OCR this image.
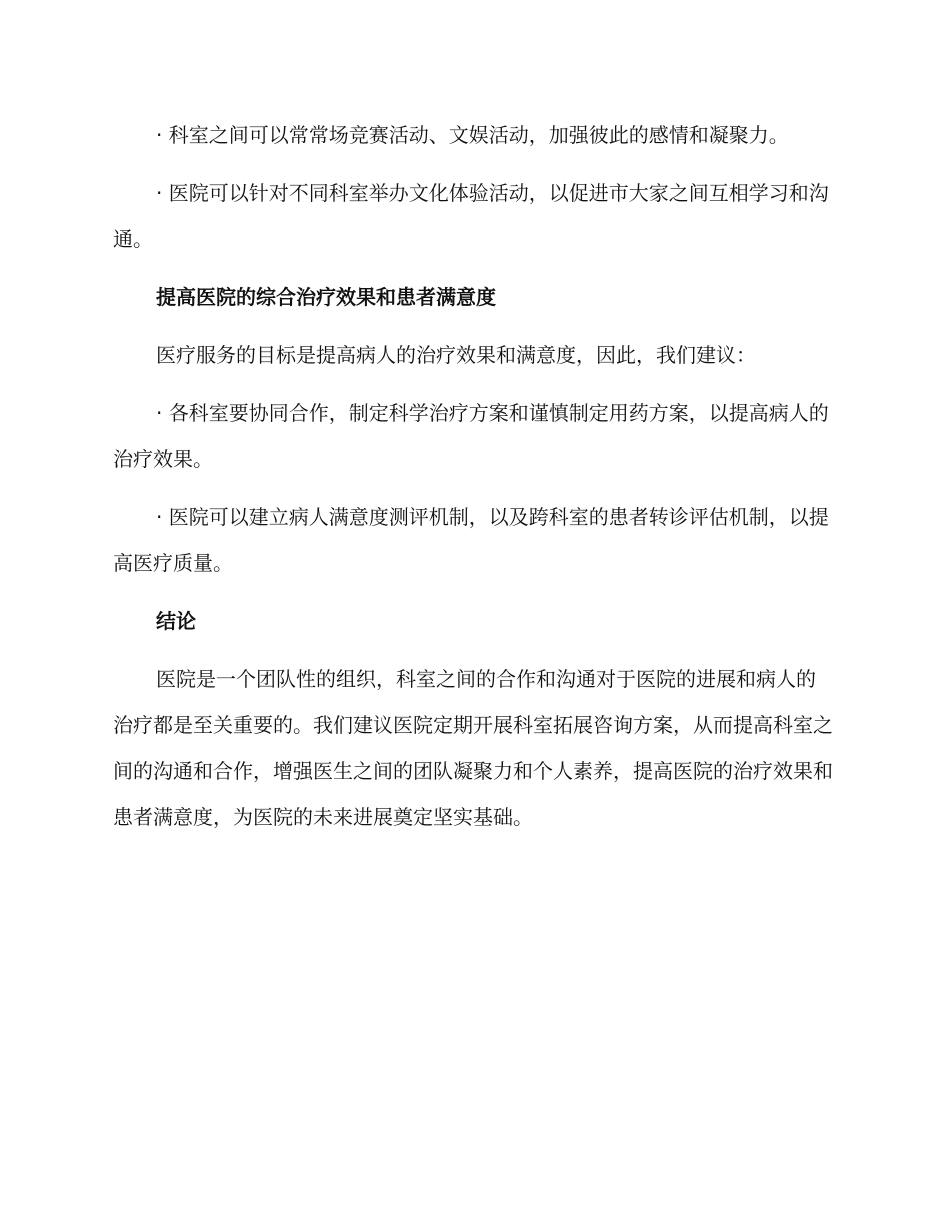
· 科室之间可以常常场竞赛活动、文娱活动，加强彼此的感情和凝聚力。

· 医院可以针对不同科室举办文化体验活动，以促进市大家之间互相学习和沟通。

提高医院的综合治疗效果和患者满意度

医疗服务的目标是提高病人的治疗效果和满意度，因此，我们建议：

· 各科室要协同合作，制定科学治疗方案和谨慎制定用药方案，以提高病人的治疗效果。

· 医院可以建立病人满意度测评机制，以及跨科室的患者转诊评估机制，以提高医疗质量。

结论

医院是一个团队性的组织，科室之间的合作和沟通对于医院的进展和病人的治疗都是至关重要的。我们建议医院定期开展科室拓展咨询方案，从而提高科室之间的沟通和合作，增强医生之间的团队凝聚力和个人素养，提高医院的治疗效果和患者满意度，为医院的未来进展奠定坚实基础。
